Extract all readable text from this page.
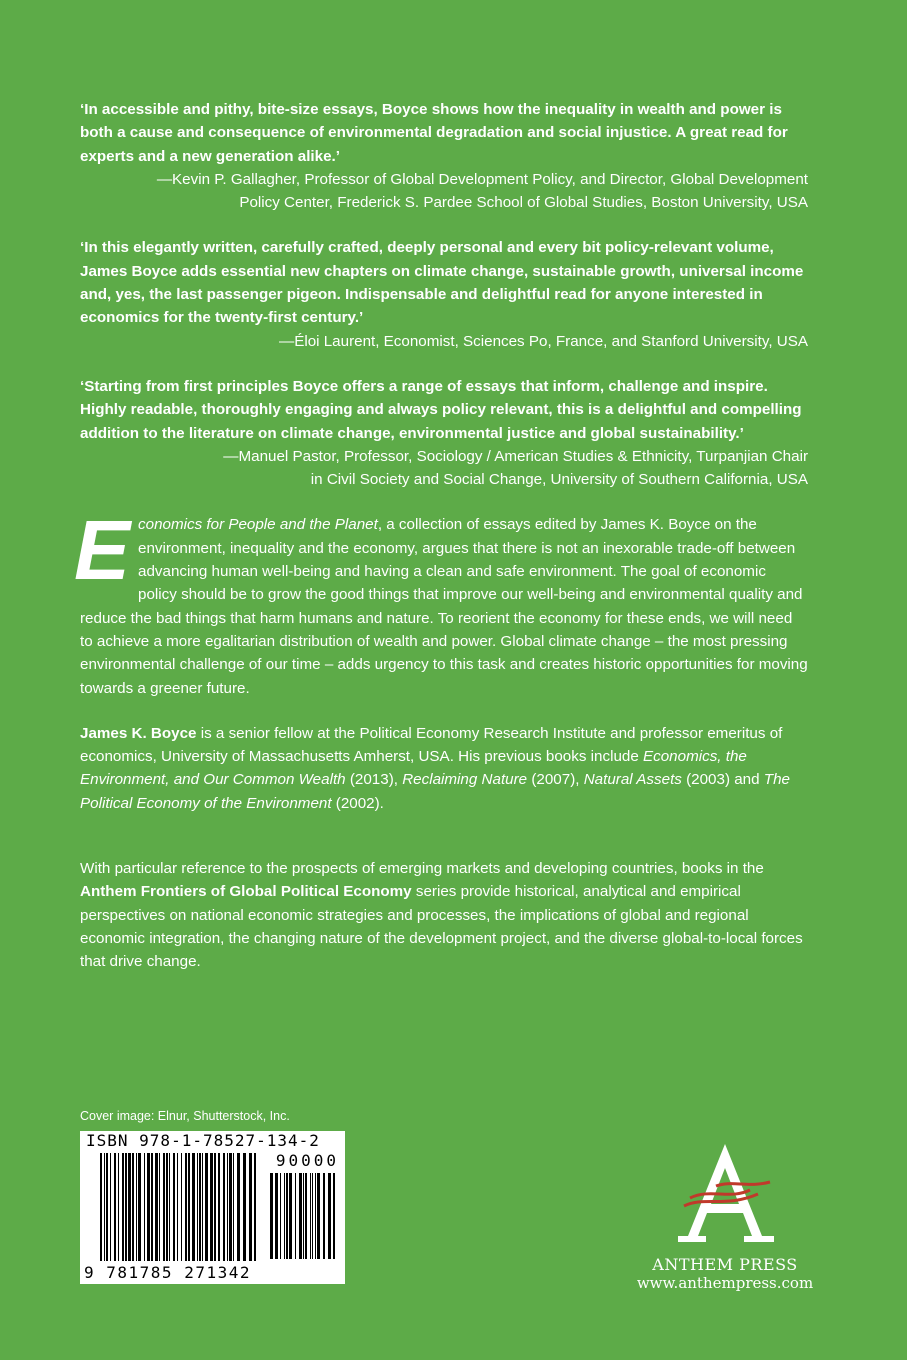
‘In accessible and pithy, bite-size essays, Boyce shows how the inequality in wealth and power is both a cause and consequence of environmental degradation and social injustice. A great read for experts and a new generation alike.’
—Kevin P. Gallagher, Professor of Global Development Policy, and Director, Global Development
Policy Center, Frederick S. Pardee School of Global Studies, Boston University, USA
‘In this elegantly written, carefully crafted, deeply personal and every bit policy-relevant volume, James Boyce adds essential new chapters on climate change, sustainable growth, universal income and, yes, the last passenger pigeon. Indispensable and delightful read for anyone interested in economics for the twenty-first century.’
—Éloi Laurent, Economist, Sciences Po, France, and Stanford University, USA
‘Starting from first principles Boyce offers a range of essays that inform, challenge and inspire. Highly readable, thoroughly engaging and always policy relevant, this is a delightful and compelling addition to the literature on climate change, environmental justice and global sustainability.’
—Manuel Pastor, Professor, Sociology / American Studies & Ethnicity, Turpanjian Chair
in Civil Society and Social Change, University of Southern California, USA
E conomics for People and the Planet, a collection of essays edited by James K. Boyce on the environment, inequality and the economy, argues that there is not an inexorable trade-off between advancing human well-being and having a clean and safe environment. The goal of economic policy should be to grow the good things that improve our well-being and environmental quality and reduce the bad things that harm humans and nature. To reorient the economy for these ends, we will need to achieve a more egalitarian distribution of wealth and power. Global climate change – the most pressing environmental challenge of our time – adds urgency to this task and creates historic opportunities for moving towards a greener future.

James K. Boyce is a senior fellow at the Political Economy Research Institute and professor emeritus of economics, University of Massachusetts Amherst, USA. His previous books include Economics, the Environment, and Our Common Wealth (2013), Reclaiming Nature (2007), Natural Assets (2003) and The Political Economy of the Environment (2002).

With particular reference to the prospects of emerging markets and developing countries, books in the Anthem Frontiers of Global Political Economy series provide historical, analytical and empirical perspectives on national economic strategies and processes, the implications of global and regional economic integration, the changing nature of the development project, and the diverse global-to-local forces that drive change.

Cover image: Elnur, Shutterstock, Inc.
ISBN 978-1-78527-134-2
90000
9 781785 271342	ANTHEM PRESS
www.anthempress.com
